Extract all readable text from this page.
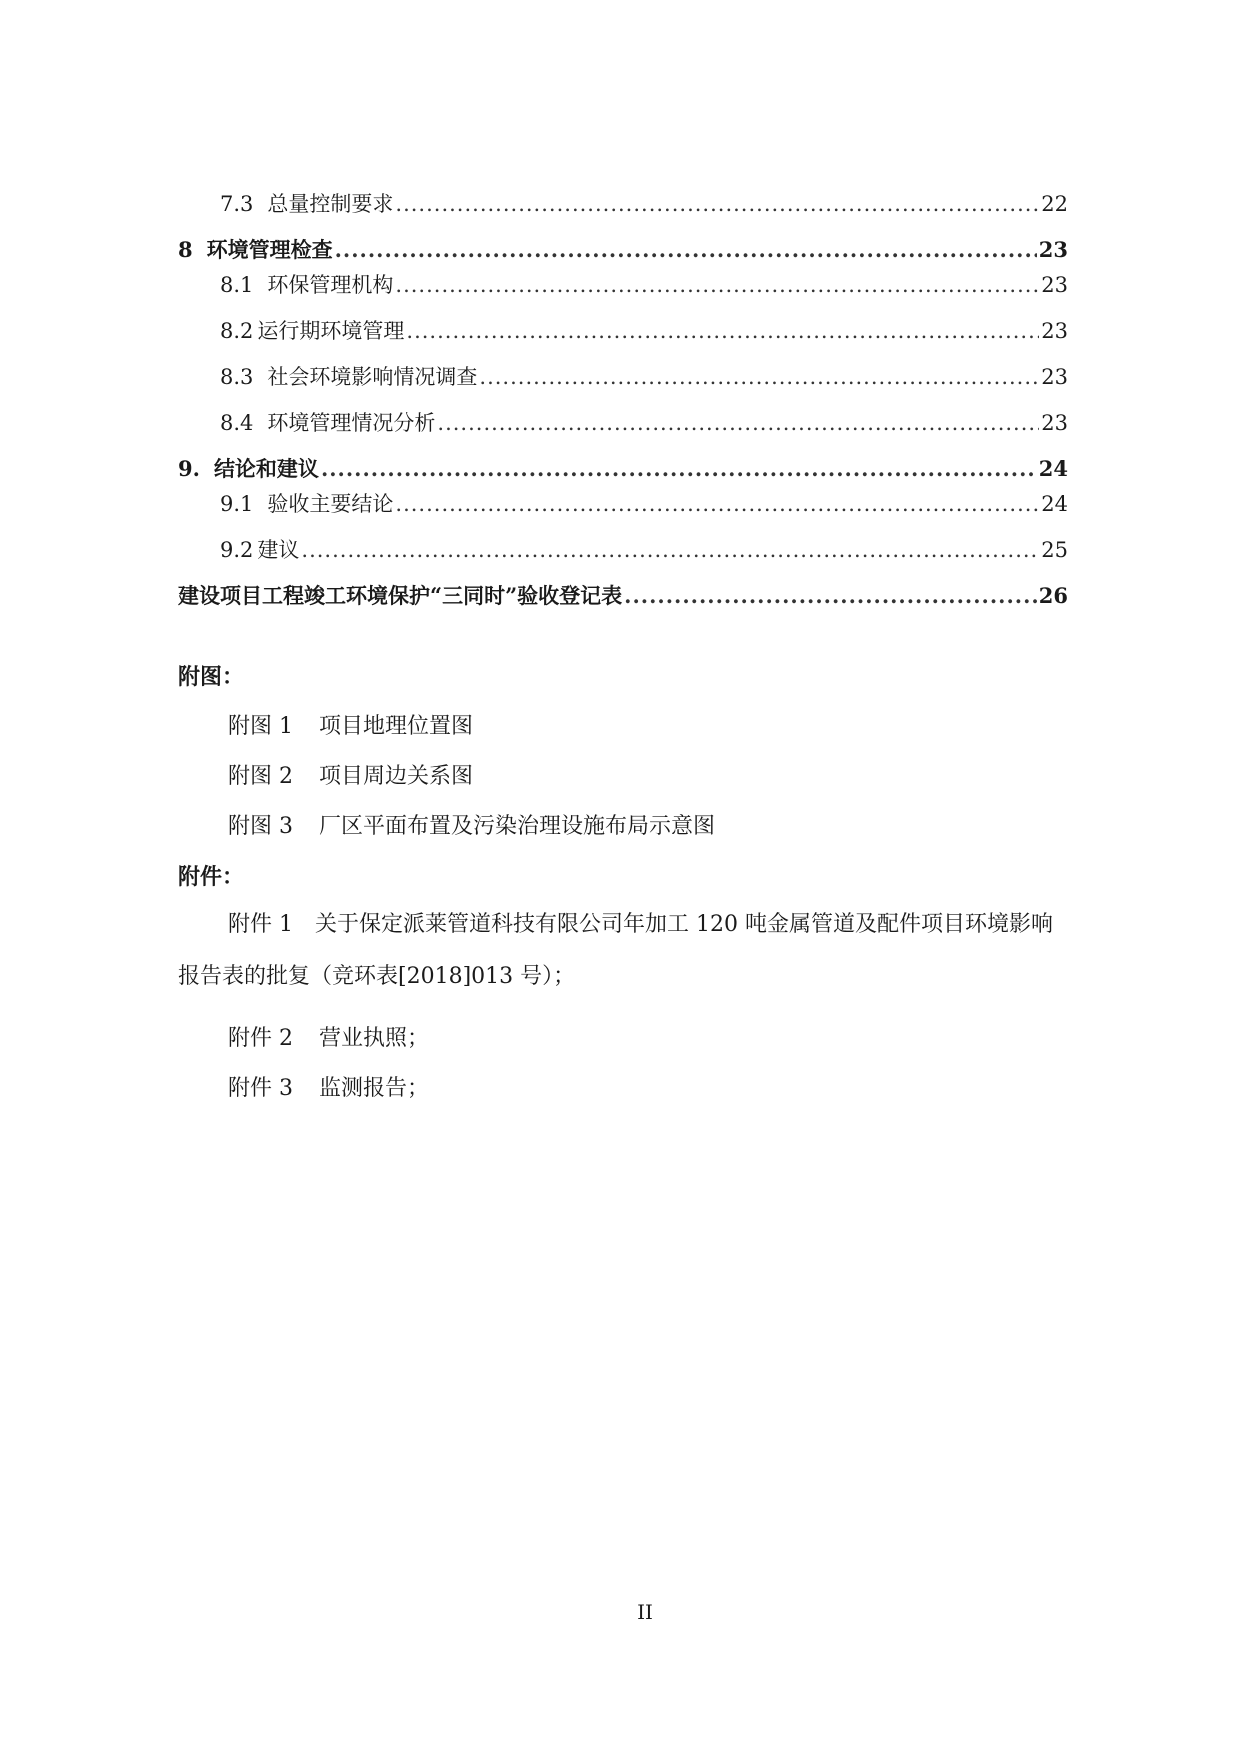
7.3 总量控制要求 .....	22
8 环境管理检查 .....	23
8.1 环保管理机构 .....	23
8.2 运行期环境管理 .....	23
8.3 社会环境影响情况调查 .....	23
8.4 环境管理情况分析 .....	23
9. 结论和建议 .....	24
9.1 验收主要结论 .....	24
9.2 建议 .....	25
建设项目工程竣工环境保护“三同时”验收登记表 .....	26
附图：
附图 1 项目地理位置图
附图 2 项目周边关系图
附图 3 厂区平面布置及污染治理设施布局示意图
附件：
附件 1　关于保定派莱管道科技有限公司年加工 120 吨金属管道及配件项目环境影响报告表的批复（竞环表[2018]013 号）；
附件 2 营业执照；
附件 3 监测报告；
II
